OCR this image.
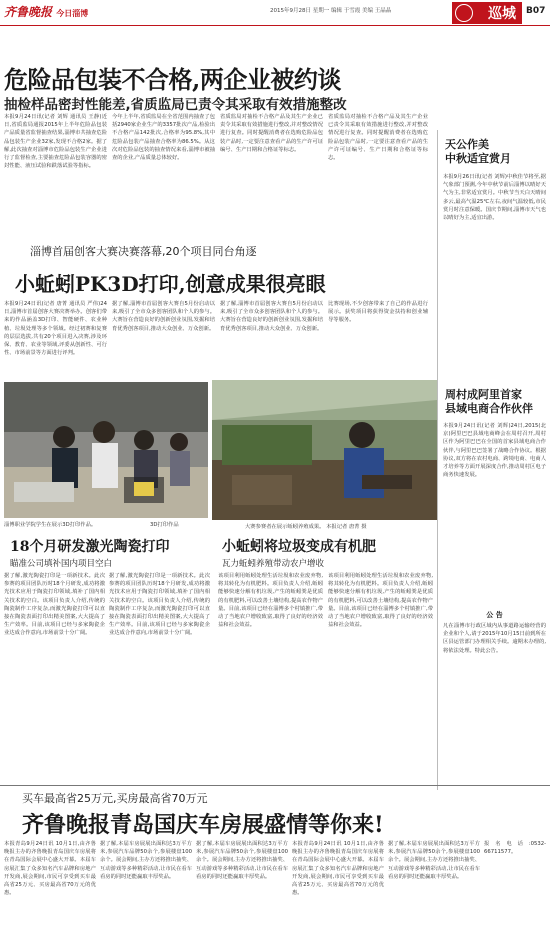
齐鲁晚报 今日淄博	2015年9月28日 星期一 编辑 于雪霞 美编 王晶晶	巡城 B07
危险品包装不合格,两企业被约谈
抽检样品密封性能差,省质监局已责令其采取有效措施整改
本报9月24日讯(记者 刘辉 通讯员 王静)近日,省质监局通报2015年上半年危险品包装产品质量省监督抽查结果,淄博市共抽查危险品包装生产企业32家,发现不合格2家。据了解,此次抽查对淄博市危险品包装生产企业进行了监督检查,主要抽查危险品包装容器的密封性能、液压试验和跌落试验等指标。
今年上半年,省质监局在全省范围内抽查了包括2940家企业生产的3357批次产品,检验出不合格产品142批次,合格率为95.8%,其中危险品包装产品抽查合格率为86.5%。从这次对危险品包装的抽查情况来看,淄博市被抽查的企业,产品质量总体较好。
省质监局对抽检不合格产品及其生产企业已责令其采取有效措施进行整改,并对整改情况进行复查。同时提醒消费者在选购危险品包装产品时,一定要注意查看产品的生产许可证编号、生产日期和合格证等标志。
省质监局对抽检不合格产品及其生产企业已责令其采取有效措施进行整改,并对整改情况进行复查。同时提醒消费者在选购危险品包装产品时,一定要注意查看产品的生产许可证编号、生产日期和合格证等标志。
淄博首届创客大赛决赛落幕,20个项目同台角逐
小蚯蚓PK3D打印,创意成果很亮眼
本报9月24日讯(记者 唐菁 通讯员 严伟)24日,淄博市首届创客大赛决赛举办。创客们带来的作品涵盖3D打印、智能硬件、农业种植、垃圾处理等多个领域。经过初赛和复赛的层层选拔,共有20个项目进入决赛,涉及环保、教育、农业等领域,评委从创新性、可行性、市场前景等方面进行评判。
据了解,淄博市首届创客大赛自5月份启动以来,吸引了全市众多创客团队和个人的参与。大赛旨在营造良好的创新创业氛围,发掘和培育优秀创客项目,推动大众创业、万众创新。
据了解,淄博市首届创客大赛自5月份启动以来,吸引了全市众多创客团队和个人的参与。大赛旨在营造良好的创新创业氛围,发掘和培育优秀创客项目,推动大众创业、万众创新。
比赛现场,不少创客带来了自己的作品进行展示。获奖项目将获得资金扶持和创业辅导等服务。
淄博职业学院学生在展示3D打印作品。	3D打印作品	大赛参赛者在展示蚯蚓养殖成果。 本报记者 唐菁 摄
18个月研发激光陶瓷打印
瞄准公司填补国内项目空白
据了解,激光陶瓷打印是一项新技术。此次参赛的项目团队历时18个月研发,成功将激光技术应用于陶瓷打印领域,填补了国内相关技术的空白。该项目负责人介绍,传统的陶瓷制作工序复杂,而激光陶瓷打印可以直接在陶瓷表面打印出精美图案,大大提高了生产效率。目前,该项目已经与多家陶瓷企业达成合作意向,市场前景十分广阔。
据了解,激光陶瓷打印是一项新技术。此次参赛的项目团队历时18个月研发,成功将激光技术应用于陶瓷打印领域,填补了国内相关技术的空白。该项目负责人介绍,传统的陶瓷制作工序复杂,而激光陶瓷打印可以直接在陶瓷表面打印出精美图案,大大提高了生产效率。目前,该项目已经与多家陶瓷企业达成合作意向,市场前景十分广阔。
小蚯蚓将垃圾变成有机肥
瓦力蚯蚓养殖带动农户增收
该项目利用蚯蚓处理生活垃圾和农业废弃物,将其转化为有机肥料。项目负责人介绍,蚯蚓能够快速分解有机垃圾,产生的蚯蚓粪是优质的有机肥料,可以改善土壤结构,提高农作物产量。目前,该项目已经在淄博多个村镇推广,带动了当地农户增收致富,取得了良好的经济效益和社会效益。
该项目利用蚯蚓处理生活垃圾和农业废弃物,将其转化为有机肥料。项目负责人介绍,蚯蚓能够快速分解有机垃圾,产生的蚯蚓粪是优质的有机肥料,可以改善土壤结构,提高农作物产量。目前,该项目已经在淄博多个村镇推广,带动了当地农户增收致富,取得了良好的经济效益和社会效益。
天公作美
中秋适宜赏月
本报9月26日讯(记者 刘辉)中秋佳节将至,据气象部门预测,今年中秋节前后淄博以晴好天气为主,非常适宜赏月。中秋节当天白天晴间多云,最高气温25℃左右,夜间气温较低,市民赏月时注意保暖。国庆节期间,淄博市天气也以晴好为主,适宜出游。
周村成阿里首家
县域电商合作伙伴
本报9月24日讯(记者 刘辉)24日,2015(北京)阿里巴巴县域电商峰会在周村召开,周村区作为阿里巴巴在全国的首家县域电商合作伙伴,与阿里巴巴签署了战略合作协议。根据协议,双方将在农村电商、跨境电商、电商人才培养等方面开展深度合作,推动周村区电子商务快速发展。
公 告
凡在淄博市行政区域内从事道路运输经营的企业和个人,请于2015年10月15日前到所在区县运管部门办理相关手续。逾期未办理的,将依法处理。特此公告。
买车最高省25万元,买房最高省70万元
齐鲁晚报青岛国庆车房展盛情等你来!
本报青岛9月24日讯 10月1日,由齐鲁晚报主办的齐鲁晚报青岛国庆车房展将在青岛国际会展中心盛大开幕。本届车房展汇集了众多知名汽车品牌和房地产开发商,展会期间,市民可享受到买车最高省25万元、买房最高省70万元的优惠。
据了解,本届车房展展出面积达3万平方米,参展汽车品牌50余个,参展楼盘100余个。展会期间,主办方还将推出抽奖、互动游戏等多种精彩活动,让市民在看车看房的同时还能赢取丰厚奖品。
据了解,本届车房展展出面积达3万平方米,参展汽车品牌50余个,参展楼盘100余个。展会期间,主办方还将推出抽奖、互动游戏等多种精彩活动,让市民在看车看房的同时还能赢取丰厚奖品。
本报青岛9月24日讯 10月1日,由齐鲁晚报主办的齐鲁晚报青岛国庆车房展将在青岛国际会展中心盛大开幕。本届车房展汇集了众多知名汽车品牌和房地产开发商,展会期间,市民可享受到买车最高省25万元、买房最高省70万元的优惠。
据了解,本届车房展展出面积达3万平方米,参展汽车品牌50余个,参展楼盘100余个。展会期间,主办方还将推出抽奖、互动游戏等多种精彩活动,让市民在看车看房的同时还能赢取丰厚奖品。
报名电话:0532-66711577。
